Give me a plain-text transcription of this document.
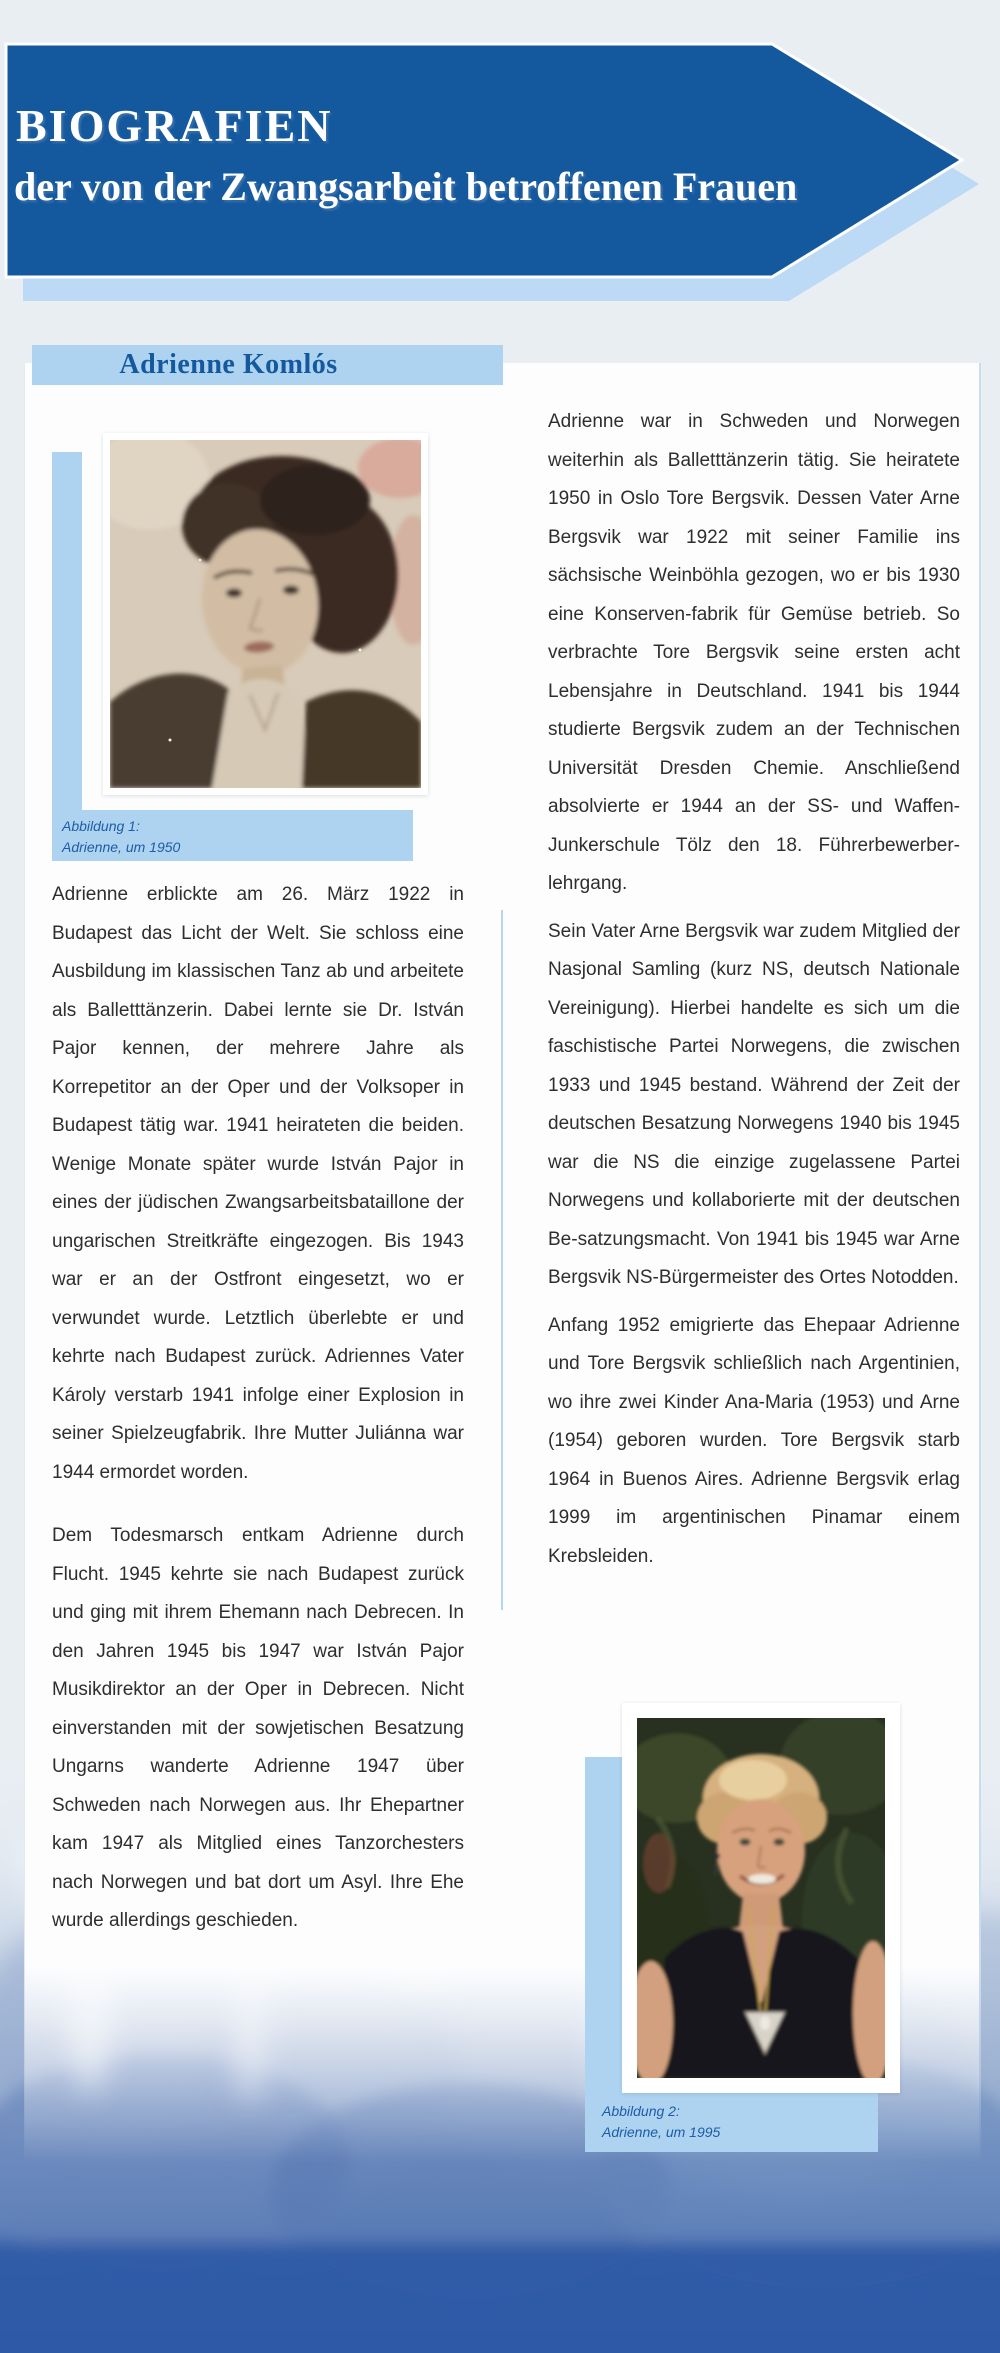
BIOGRAFIEN
der von der Zwangsarbeit betroffenen Frauen
Adrienne Komlós
Abbildung 1:
Adrienne, um 1950

Adrienne erblickte am 26. März 1922 in Budapest das Licht der Welt. Sie schloss eine Ausbildung im klassischen Tanz ab und arbeitete als Balletttänzerin. Dabei lernte sie Dr. István Pajor kennen, der mehrere Jahre als Korrepetitor an der Oper und der Volksoper in Budapest tätig war. 1941 heirateten die beiden. Wenige Monate später wurde István Pajor in eines der jüdischen Zwangsarbeitsbataillone der ungarischen Streitkräfte eingezogen. Bis 1943 war er an der Ostfront eingesetzt, wo er verwundet wurde. Letztlich überlebte er und kehrte nach Budapest zurück. Adriennes Vater Károly verstarb 1941 infolge einer Explosion in seiner Spielzeugfabrik. Ihre Mutter Juliánna war 1944 ermordet worden.

Dem Todesmarsch entkam Adrienne durch Flucht. 1945 kehrte sie nach Budapest zurück und ging mit ihrem Ehemann nach Debrecen. In den Jahren 1945 bis 1947 war István Pajor Musikdirektor an der Oper in Debrecen. Nicht einverstanden mit der sowjetischen Besatzung Ungarns wanderte Adrienne 1947 über Schweden nach Norwegen aus. Ihr Ehepartner kam 1947 als Mitglied eines Tanzorchesters nach Norwegen und bat dort um Asyl. Ihre Ehe wurde allerdings geschieden.

Adrienne war in Schweden und Norwegen weiterhin als Balletttänzerin tätig. Sie heiratete 1950 in Oslo Tore Bergsvik. Dessen Vater Arne Bergsvik war 1922 mit seiner Familie ins sächsische Weinböhla gezogen, wo er bis 1930 eine Konserven-fabrik für Gemüse betrieb. So verbrachte Tore Bergsvik seine ersten acht Lebensjahre in Deutschland. 1941 bis 1944 studierte Bergsvik zudem an der Technischen Universität Dresden Chemie. Anschließend absolvierte er 1944 an der SS- und Waffen-Junkerschule Tölz den 18. Führerbewerber-lehrgang.

Sein Vater Arne Bergsvik war zudem Mitglied der Nasjonal Samling (kurz NS, deutsch Nationale Vereinigung). Hierbei handelte es sich um die faschistische Partei Norwegens, die zwischen 1933 und 1945 bestand. Während der Zeit der deutschen Besatzung Norwegens 1940 bis 1945 war die NS die einzige zugelassene Partei Norwegens und kollaborierte mit der deutschen Be-satzungsmacht. Von 1941 bis 1945 war Arne Bergsvik NS-Bürgermeister des Ortes Notodden.

Anfang 1952 emigrierte das Ehepaar Adrienne und Tore Bergsvik schließlich nach Argentinien, wo ihre zwei Kinder Ana-Maria (1953) und Arne (1954) geboren wurden. Tore Bergsvik starb 1964 in Buenos Aires. Adrienne Bergsvik erlag 1999 im argentinischen Pinamar einem Krebsleiden.

Abbildung 2:
Adrienne, um 1995
